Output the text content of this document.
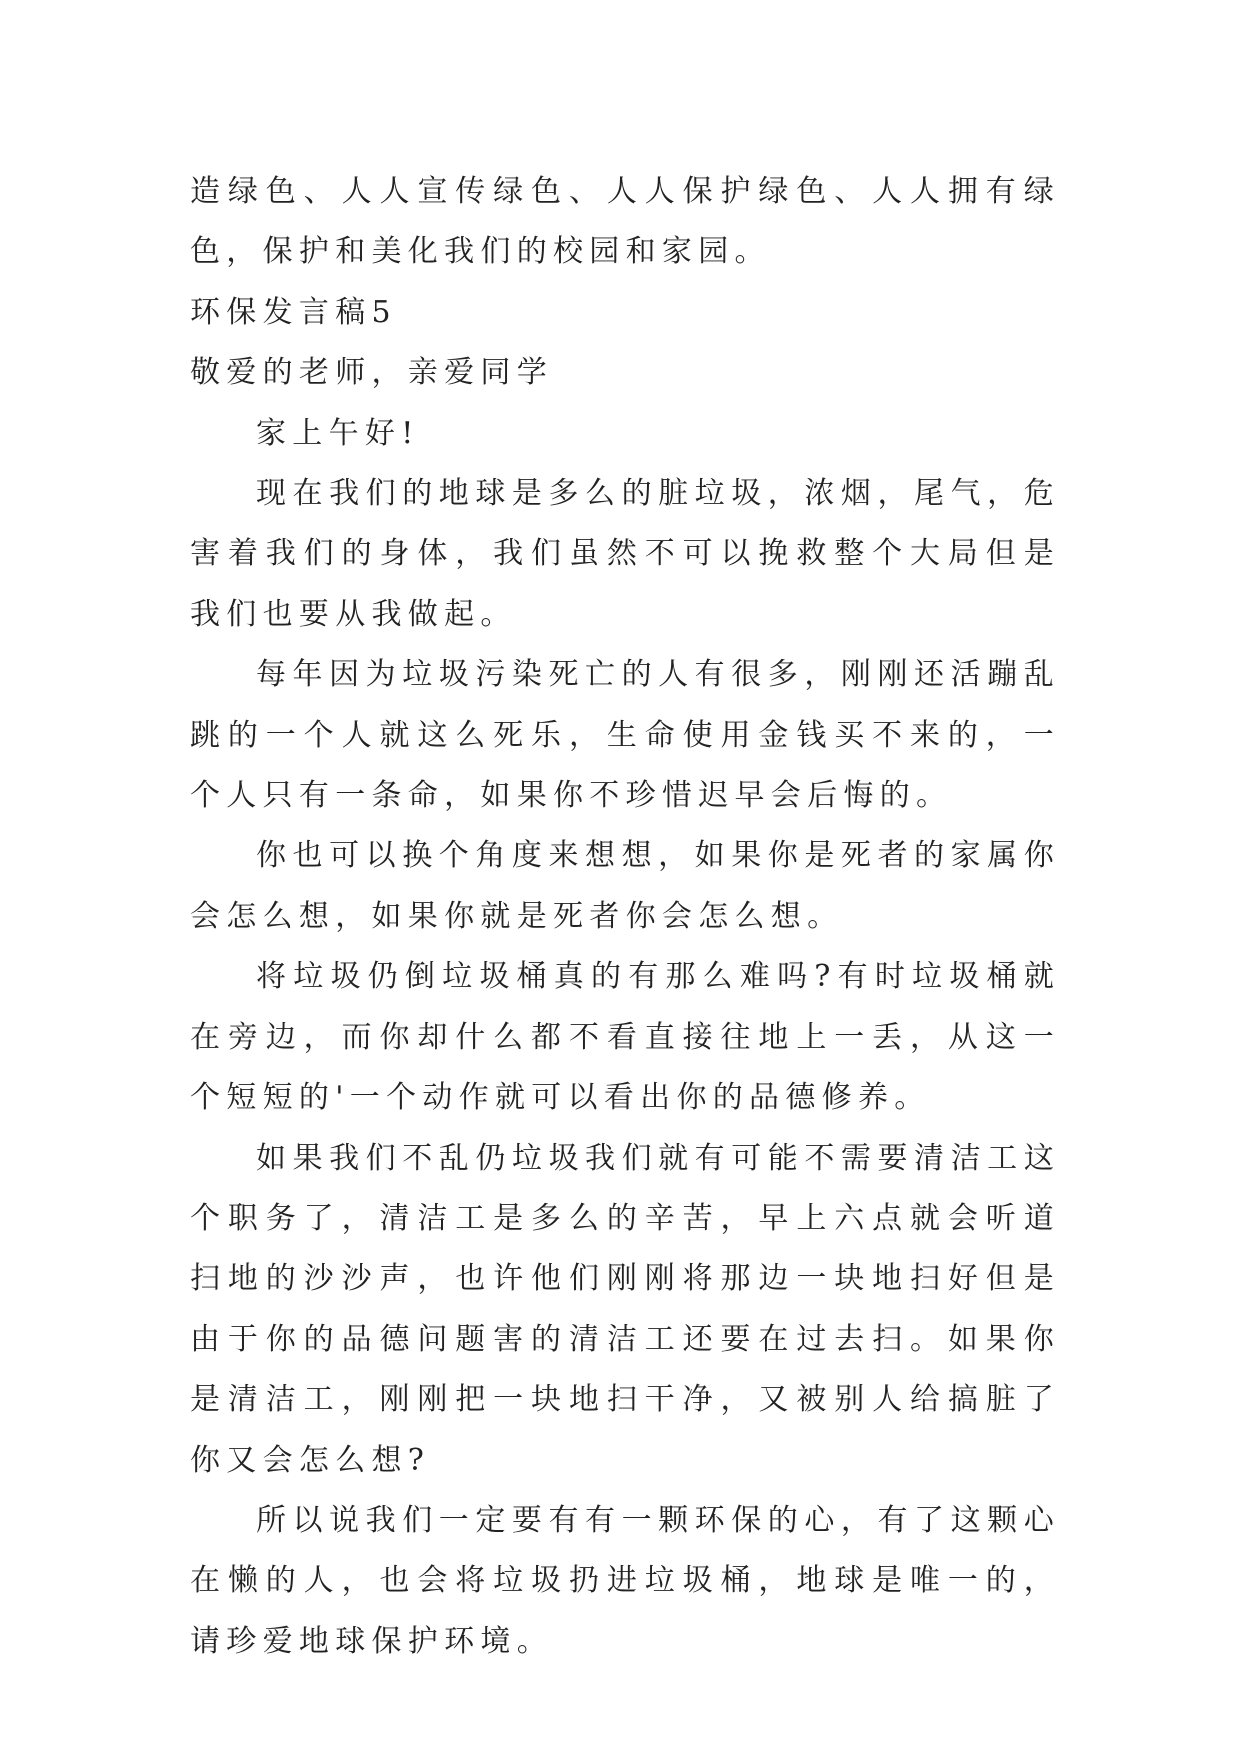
造绿色、人人宣传绿色、人人保护绿色、人人拥有绿色，保护和美化我们的校园和家园。

环保发言稿5

敬爱的老师，亲爱同学

家上午好!

现在我们的地球是多么的脏垃圾，浓烟，尾气，危害着我们的身体，我们虽然不可以挽救整个大局但是我们也要从我做起。

每年因为垃圾污染死亡的人有很多，刚刚还活蹦乱跳的一个人就这么死乐，生命使用金钱买不来的，一个人只有一条命，如果你不珍惜迟早会后悔的。

你也可以换个角度来想想，如果你是死者的家属你会怎么想，如果你就是死者你会怎么想。

将垃圾仍倒垃圾桶真的有那么难吗?有时垃圾桶就在旁边，而你却什么都不看直接往地上一丢，从这一个短短的'一个动作就可以看出你的品德修养。

如果我们不乱仍垃圾我们就有可能不需要清洁工这个职务了，清洁工是多么的辛苦，早上六点就会听道扫地的沙沙声，也许他们刚刚将那边一块地扫好但是由于你的品德问题害的清洁工还要在过去扫。如果你是清洁工，刚刚把一块地扫干净，又被别人给搞脏了你又会怎么想?

所以说我们一定要有有一颗环保的心，有了这颗心在懒的人，也会将垃圾扔进垃圾桶，地球是唯一的，请珍爱地球保护环境。
